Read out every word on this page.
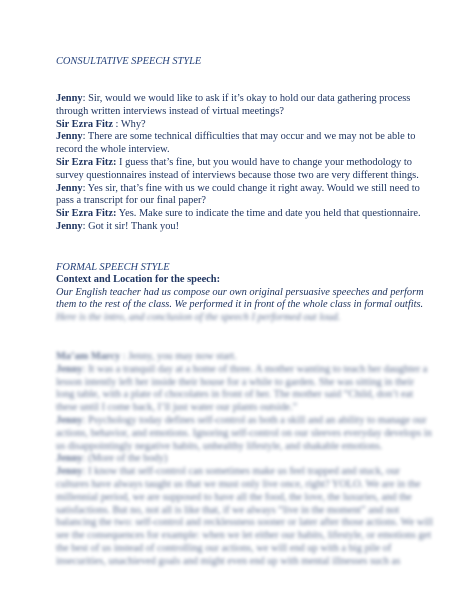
CONSULTATIVE SPEECH STYLE

Jenny: Sir, would we would like to ask if it’s okay to hold our data gathering process through written interviews instead of virtual meetings?

Sir Ezra Fitz : Why?

Jenny: There are some technical difficulties that may occur and we may not be able to record the whole interview.

Sir Ezra Fitz: I guess that’s fine, but you would have to change your methodology to survey questionnaires instead of interviews because those two are very different things.

Jenny: Yes sir, that’s fine with us we could change it right away. Would we still need to pass a transcript for our final paper?

Sir Ezra Fitz: Yes. Make sure to indicate the time and date you held that questionnaire.

Jenny: Got it sir! Thank you!

FORMAL SPEECH STYLE
Context and Location for the speech:
Our English teacher had us compose our own original persuasive speeches and perform them to the rest of the class. We performed it in front of the whole class in formal outfits.

Here is the intro, and conclusion of the speech I performed out loud.

Ma’am Marcy : Jenny, you may now start.

Jenny: It was a tranquil day at a home of three. A mother wanting to teach her daughter a lesson intently left her inside their house for a while to garden. She was sitting in their long table, with a plate of chocolates in front of her. The mother said “Child, don’t eat these until I come back, I’ll just water our plants outside.”

Jenny: Psychology today defines self-control as both a skill and an ability to manage our actions, behavior, and emotions. Ignoring self-control on our sleeves everyday develops in us disappointingly negative habits, unhealthy lifestyle, and shakable emotions.

Jenny: (More of the body)

Jenny: I know that self-control can sometimes make us feel trapped and stuck, our cultures have always taught us that we must only live once, right? YOLO. We are in the millennial period, we are supposed to have all the food, the love, the luxuries, and the satisfactions. But no, not all is like that, if we always “live in the moment” and not balancing the two: self-control and recklessness sooner or later after those actions. We will see the consequences for example: when we let either our habits, lifestyle, or emotions get the best of us instead of controlling our actions, we will end up with a big pile of insecurities, unachieved goals and might even end up with mental illnesses such as
